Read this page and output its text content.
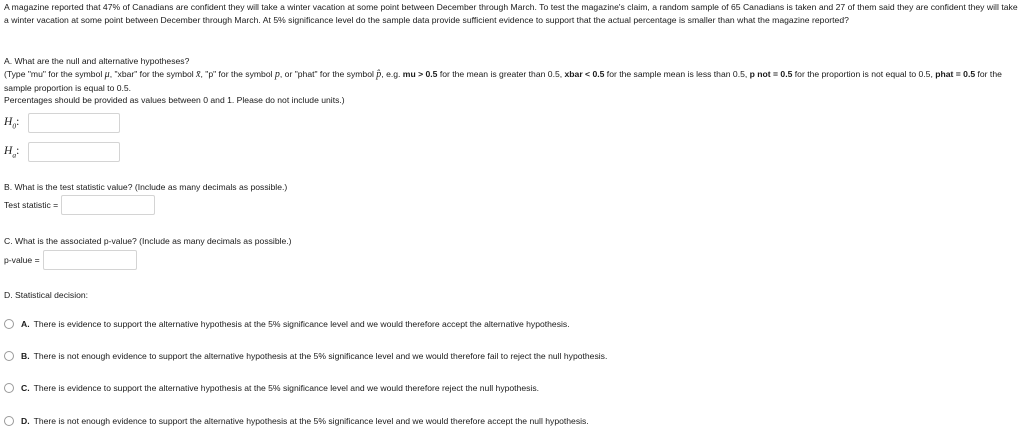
A magazine reported that 47% of Canadians are confident they will take a winter vacation at some point between December through March. To test the magazine's claim, a random sample of 65 Canadians is taken and 27 of them said they are confident they will take a winter vacation at some point between December through March. At 5% significance level do the sample data provide sufficient evidence to support that the actual percentage is smaller than what the magazine reported?

A. What are the null and alternative hypotheses?
(Type "mu" for the symbol μ, "xbar" for the symbol x̄, "p" for the symbol p, or "phat" for the symbol p̂, e.g. mu > 0.5 for the mean is greater than 0.5, xbar < 0.5 for the sample mean is less than 0.5, p not = 0.5 for the proportion is not equal to 0.5, phat = 0.5 for the sample proportion is equal to 0.5.
Percentages should be provided as values between 0 and 1. Please do not include units.)
$H_0$:
$H_a$:
B. What is the test statistic value? (Include as many decimals as possible.)
Test statistic =
C. What is the associated p-value? (Include as many decimals as possible.)
p-value =
D. Statistical decision:
A. There is evidence to support the alternative hypothesis at the 5% significance level and we would therefore accept the alternative hypothesis.
B. There is not enough evidence to support the alternative hypothesis at the 5% significance level and we would therefore fail to reject the null hypothesis.
C. There is evidence to support the alternative hypothesis at the 5% significance level and we would therefore reject the null hypothesis.
D. There is not enough evidence to support the alternative hypothesis at the 5% significance level and we would therefore accept the null hypothesis.
